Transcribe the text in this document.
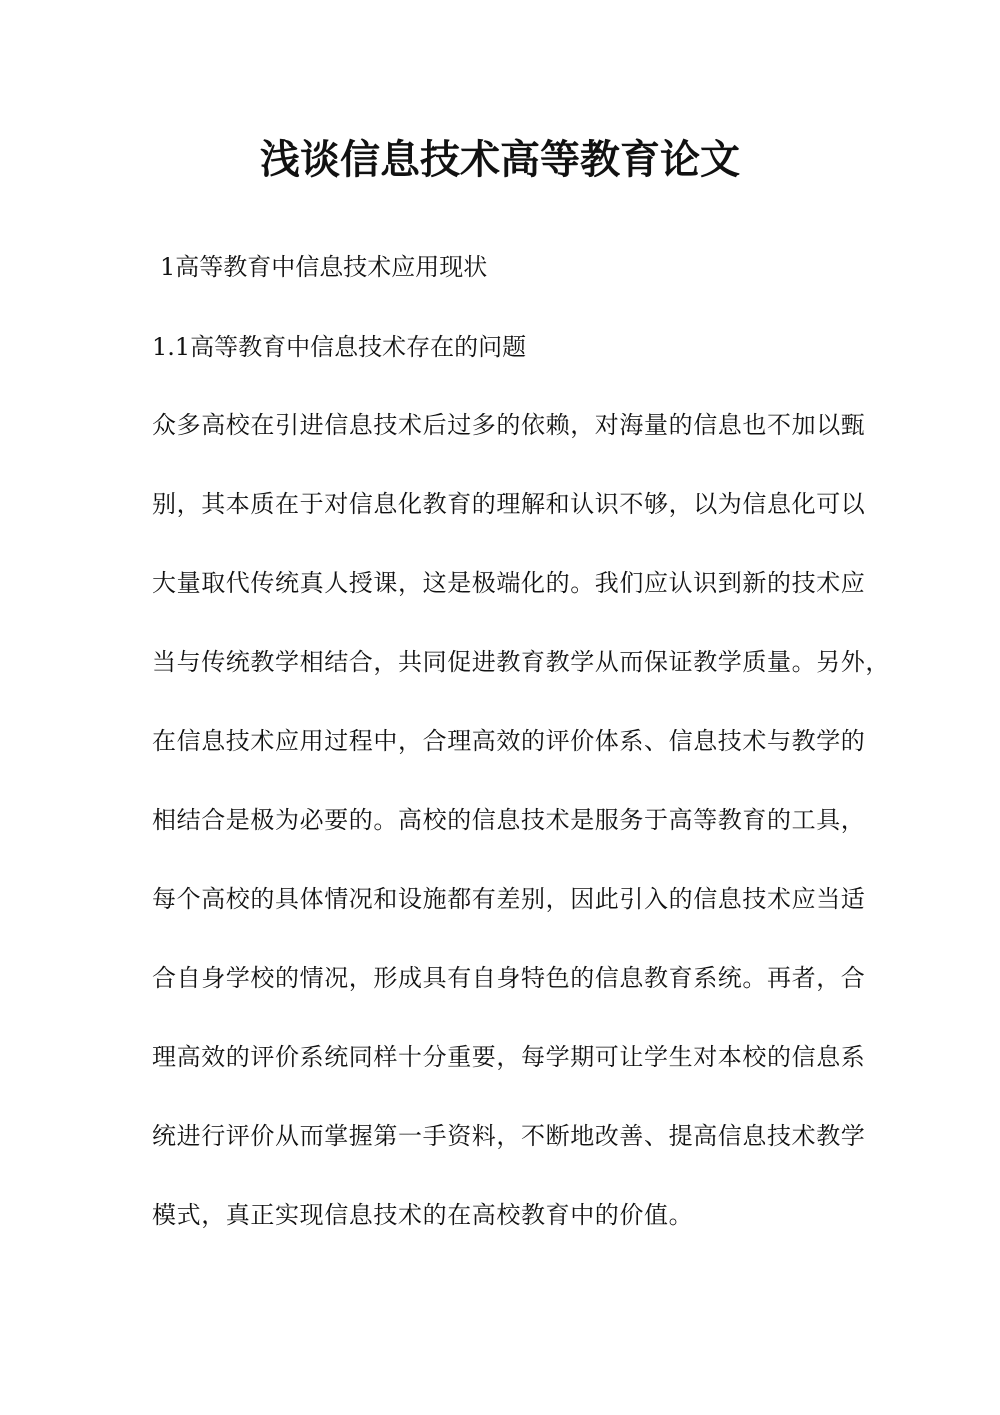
浅谈信息技术高等教育论文

1高等教育中信息技术应用现状

1.1高等教育中信息技术存在的问题

众多高校在引进信息技术后过多的依赖，对海量的信息也不加以甄
别，其本质在于对信息化教育的理解和认识不够，以为信息化可以
大量取代传统真人授课，这是极端化的。我们应认识到新的技术应
当与传统教学相结合，共同促进教育教学从而保证教学质量。另外，
在信息技术应用过程中，合理高效的评价体系、信息技术与教学的
相结合是极为必要的。高校的信息技术是服务于高等教育的工具，
每个高校的具体情况和设施都有差别，因此引入的信息技术应当适
合自身学校的情况，形成具有自身特色的信息教育系统。再者，合
理高效的评价系统同样十分重要，每学期可让学生对本校的信息系
统进行评价从而掌握第一手资料，不断地改善、提高信息技术教学
模式，真正实现信息技术的在高校教育中的价值。
